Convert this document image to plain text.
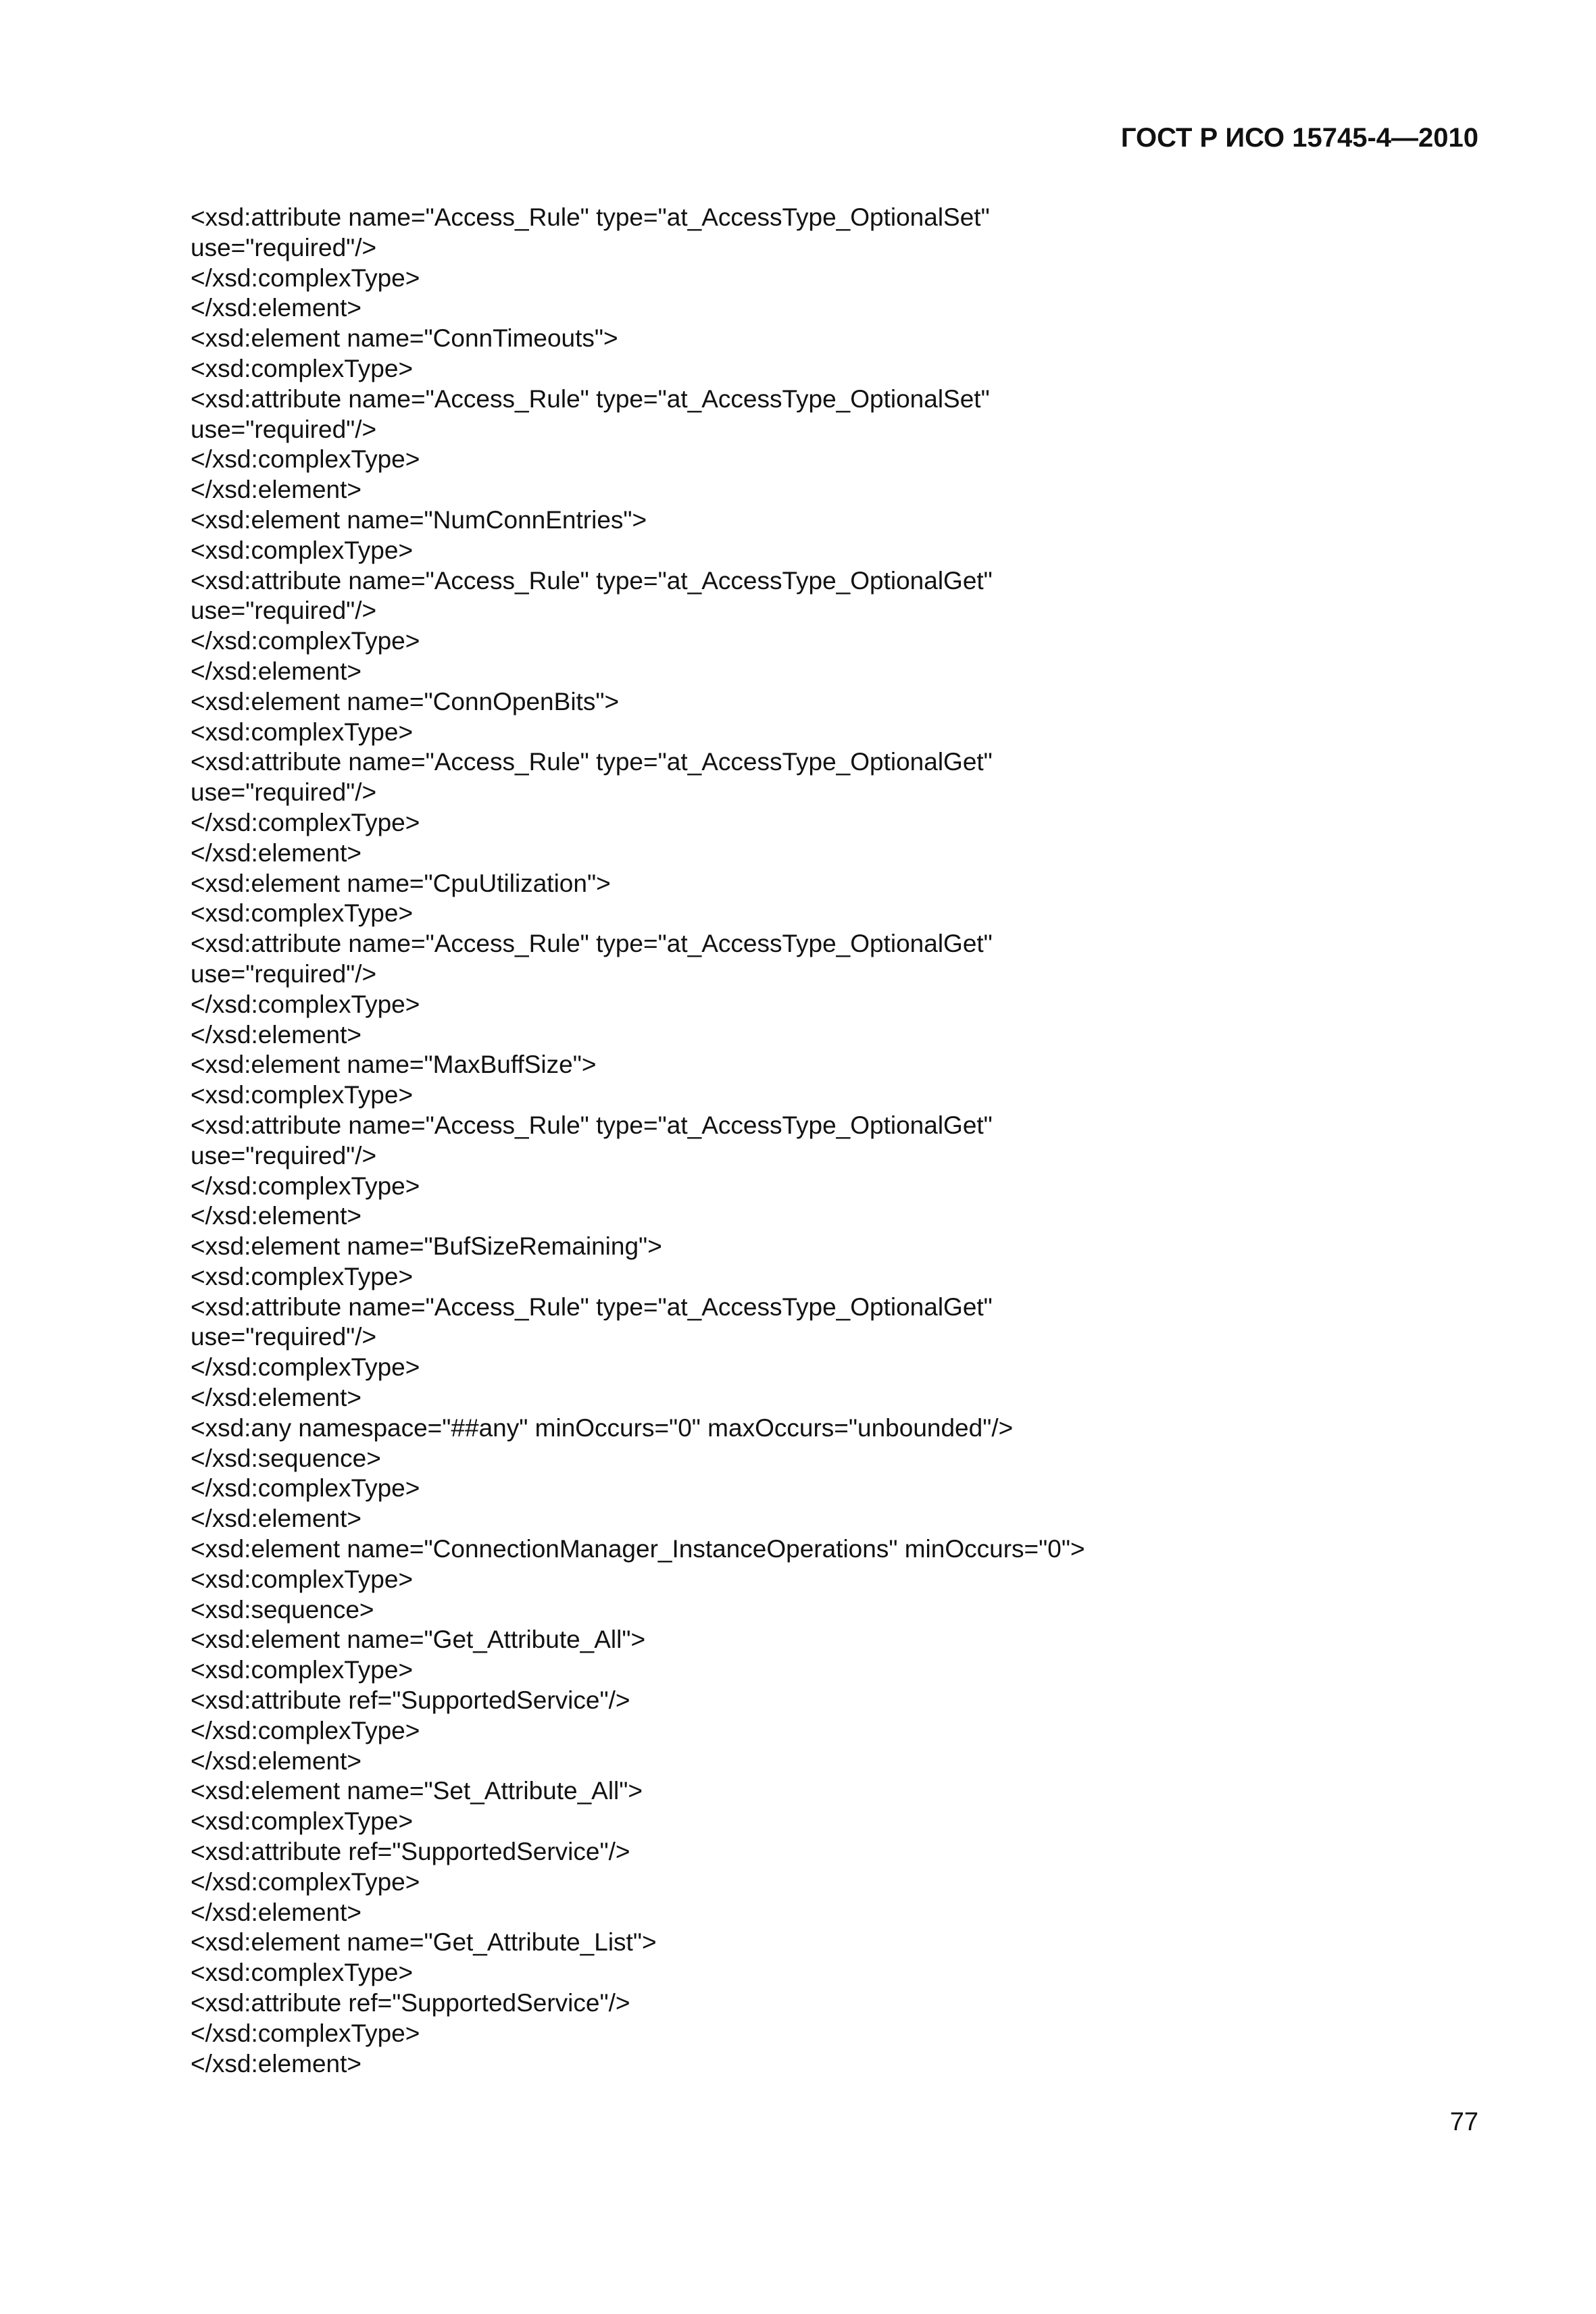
ГОСТ Р ИСО 15745-4—2010
<xsd:attribute name="Access_Rule" type="at_AccessType_OptionalSet"
use="required"/>
</xsd:complexType>
</xsd:element>
<xsd:element name="ConnTimeouts">
<xsd:complexType>
<xsd:attribute name="Access_Rule" type="at_AccessType_OptionalSet"
use="required"/>
</xsd:complexType>
</xsd:element>
<xsd:element name="NumConnEntries">
<xsd:complexType>
<xsd:attribute name="Access_Rule" type="at_AccessType_OptionalGet"
use="required"/>
</xsd:complexType>
</xsd:element>
<xsd:element name="ConnOpenBits">
<xsd:complexType>
<xsd:attribute name="Access_Rule" type="at_AccessType_OptionalGet"
use="required"/>
</xsd:complexType>
</xsd:element>
<xsd:element name="CpuUtilization">
<xsd:complexType>
<xsd:attribute name="Access_Rule" type="at_AccessType_OptionalGet"
use="required"/>
</xsd:complexType>
</xsd:element>
<xsd:element name="MaxBuffSize">
<xsd:complexType>
<xsd:attribute name="Access_Rule" type="at_AccessType_OptionalGet"
use="required"/>
</xsd:complexType>
</xsd:element>
<xsd:element name="BufSizeRemaining">
<xsd:complexType>
<xsd:attribute name="Access_Rule" type="at_AccessType_OptionalGet"
use="required"/>
</xsd:complexType>
</xsd:element>
<xsd:any namespace="##any" minOccurs="0" maxOccurs="unbounded"/>
</xsd:sequence>
</xsd:complexType>
</xsd:element>
<xsd:element name="ConnectionManager_InstanceOperations" minOccurs="0">
<xsd:complexType>
<xsd:sequence>
<xsd:element name="Get_Attribute_All">
<xsd:complexType>
<xsd:attribute ref="SupportedService"/>
</xsd:complexType>
</xsd:element>
<xsd:element name="Set_Attribute_All">
<xsd:complexType>
<xsd:attribute ref="SupportedService"/>
</xsd:complexType>
</xsd:element>
<xsd:element name="Get_Attribute_List">
<xsd:complexType>
<xsd:attribute ref="SupportedService"/>
</xsd:complexType>
</xsd:element>
77
